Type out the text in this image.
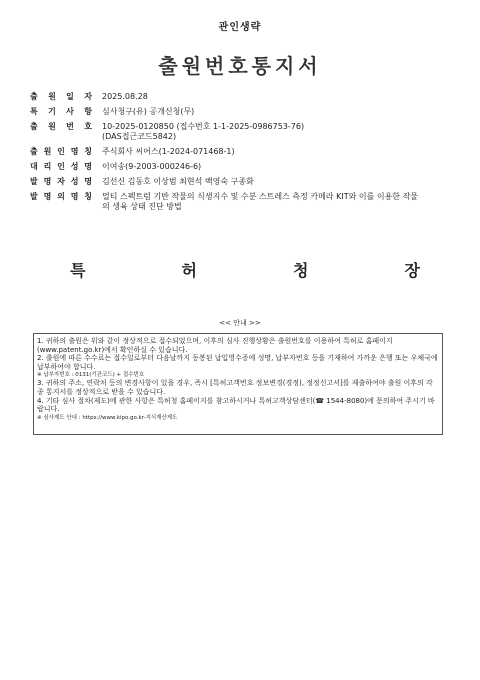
관인생략
출원번호통지서
출 원 일 자 2025.08.28
특 기 사 항 심사청구(유) 공개신청(무)
출 원 번 호 10-2025-0120850 (접수번호 1-1-2025-0986753-76)
(DAS접근코드5842)
출 원 인 명 칭 주식회사 씨어스(1-2024-071468-1)
대 리 인 성 명 이여송(9-2003-000246-6)
발 명 자 성 명 김선신 김동호 이상범 최현석 백영숙 구종화
발 명 의 명 칭 멀티 스펙트럼 기반 작물의 식생지수 및 수분 스트레스 측정 카메라 KIT와 이를 이용한 작물
의 생육 상태 진단 방법
특	허	청	장
<< 안내 >>

1. 귀하의 출원은 위와 같이 정상적으로 접수되었으며, 이후의 심사 진행상황은 출원번호를 이용하여 특허로 홈페이지(www.patent.go.kr)에서 확인하실 수 있습니다.

2. 출원에 따른 수수료는 접수일로부터 다음날까지 동봉된 납입영수증에 성명, 납부자번호 등을 기재하여 가까운 은행 또는 우체국에 납부하여야 합니다.

※ 납부자번호 : 0131(기관코드) + 접수번호

3. 귀하의 주소, 연락처 등의 변경사항이 있을 경우, 즉시 [특허고객번호 정보변경(경정), 정정신고서]를 제출하여야 출원 이후의 각종 통지서를 정상적으로 받을 수 있습니다.

4. 기타 심사 절차(제도)에 관한 사항은 특허청 홈페이지를 참고하시거나 특허고객상담센터(☎ 1544-8080)에 문의하여 주시기 바랍니다.

※ 심사제도 안내 : https://www.kipo.go.kr-지식재산제도
